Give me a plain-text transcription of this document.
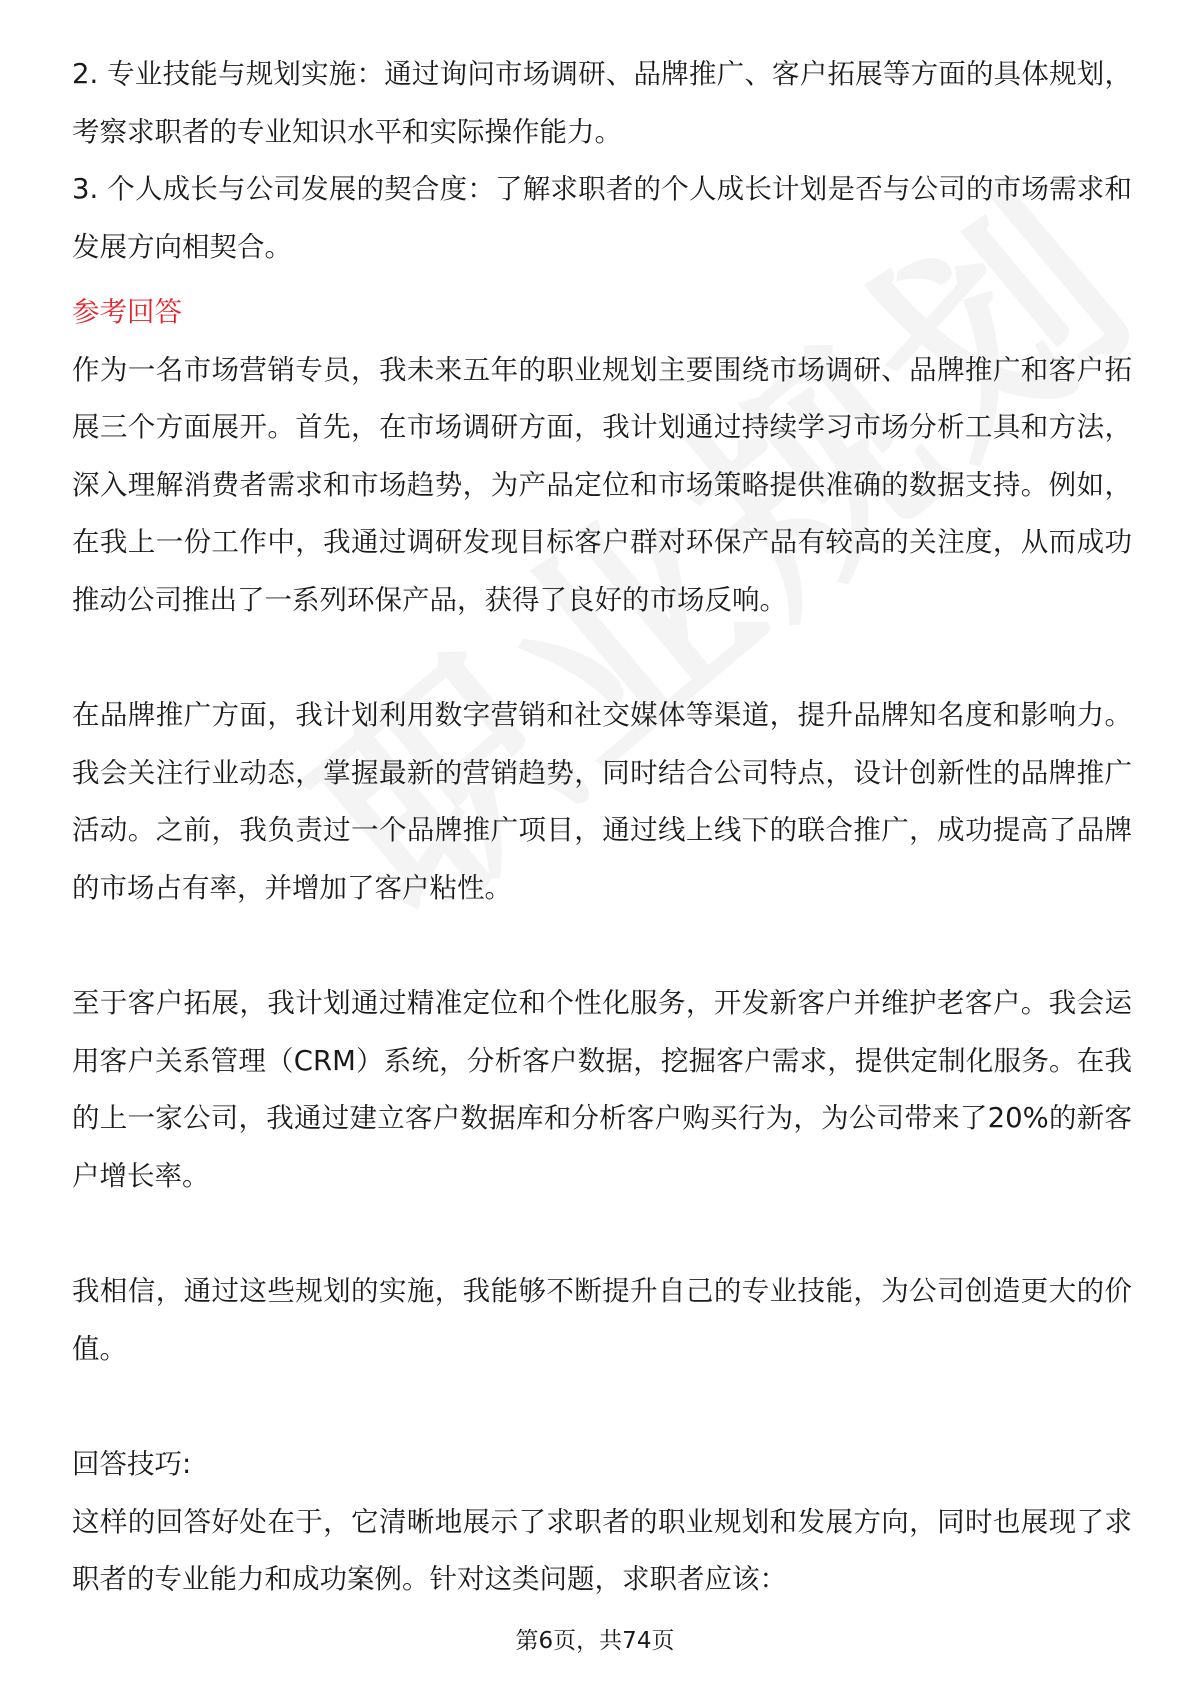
2. 专业技能与规划实施：通过询问市场调研、品牌推广、客户拓展等方面的具体规划，考察求职者的专业知识水平和实际操作能力。

3. 个人成长与公司发展的契合度：了解求职者的个人成长计划是否与公司的市场需求和发展方向相契合。

参考回答

作为一名市场营销专员，我未来五年的职业规划主要围绕市场调研、品牌推广和客户拓展三个方面展开。首先，在市场调研方面，我计划通过持续学习市场分析工具和方法，深入理解消费者需求和市场趋势，为产品定位和市场策略提供准确的数据支持。例如，在我上一份工作中，我通过调研发现目标客户群对环保产品有较高的关注度，从而成功推动公司推出了一系列环保产品，获得了良好的市场反响。

在品牌推广方面，我计划利用数字营销和社交媒体等渠道，提升品牌知名度和影响力。我会关注行业动态，掌握最新的营销趋势，同时结合公司特点，设计创新性的品牌推广活动。之前，我负责过一个品牌推广项目，通过线上线下的联合推广，成功提高了品牌的市场占有率，并增加了客户粘性。

至于客户拓展，我计划通过精准定位和个性化服务，开发新客户并维护老客户。我会运用客户关系管理（CRM）系统，分析客户数据，挖掘客户需求，提供定制化服务。在我的上一家公司，我通过建立客户数据库和分析客户购买行为，为公司带来了20%的新客户增长率。

我相信，通过这些规划的实施，我能够不断提升自己的专业技能，为公司创造更大的价值。

回答技巧:

这样的回答好处在于，它清晰地展示了求职者的职业规划和发展方向，同时也展现了求职者的专业能力和成功案例。针对这类问题，求职者应该：

第6页，共74页
